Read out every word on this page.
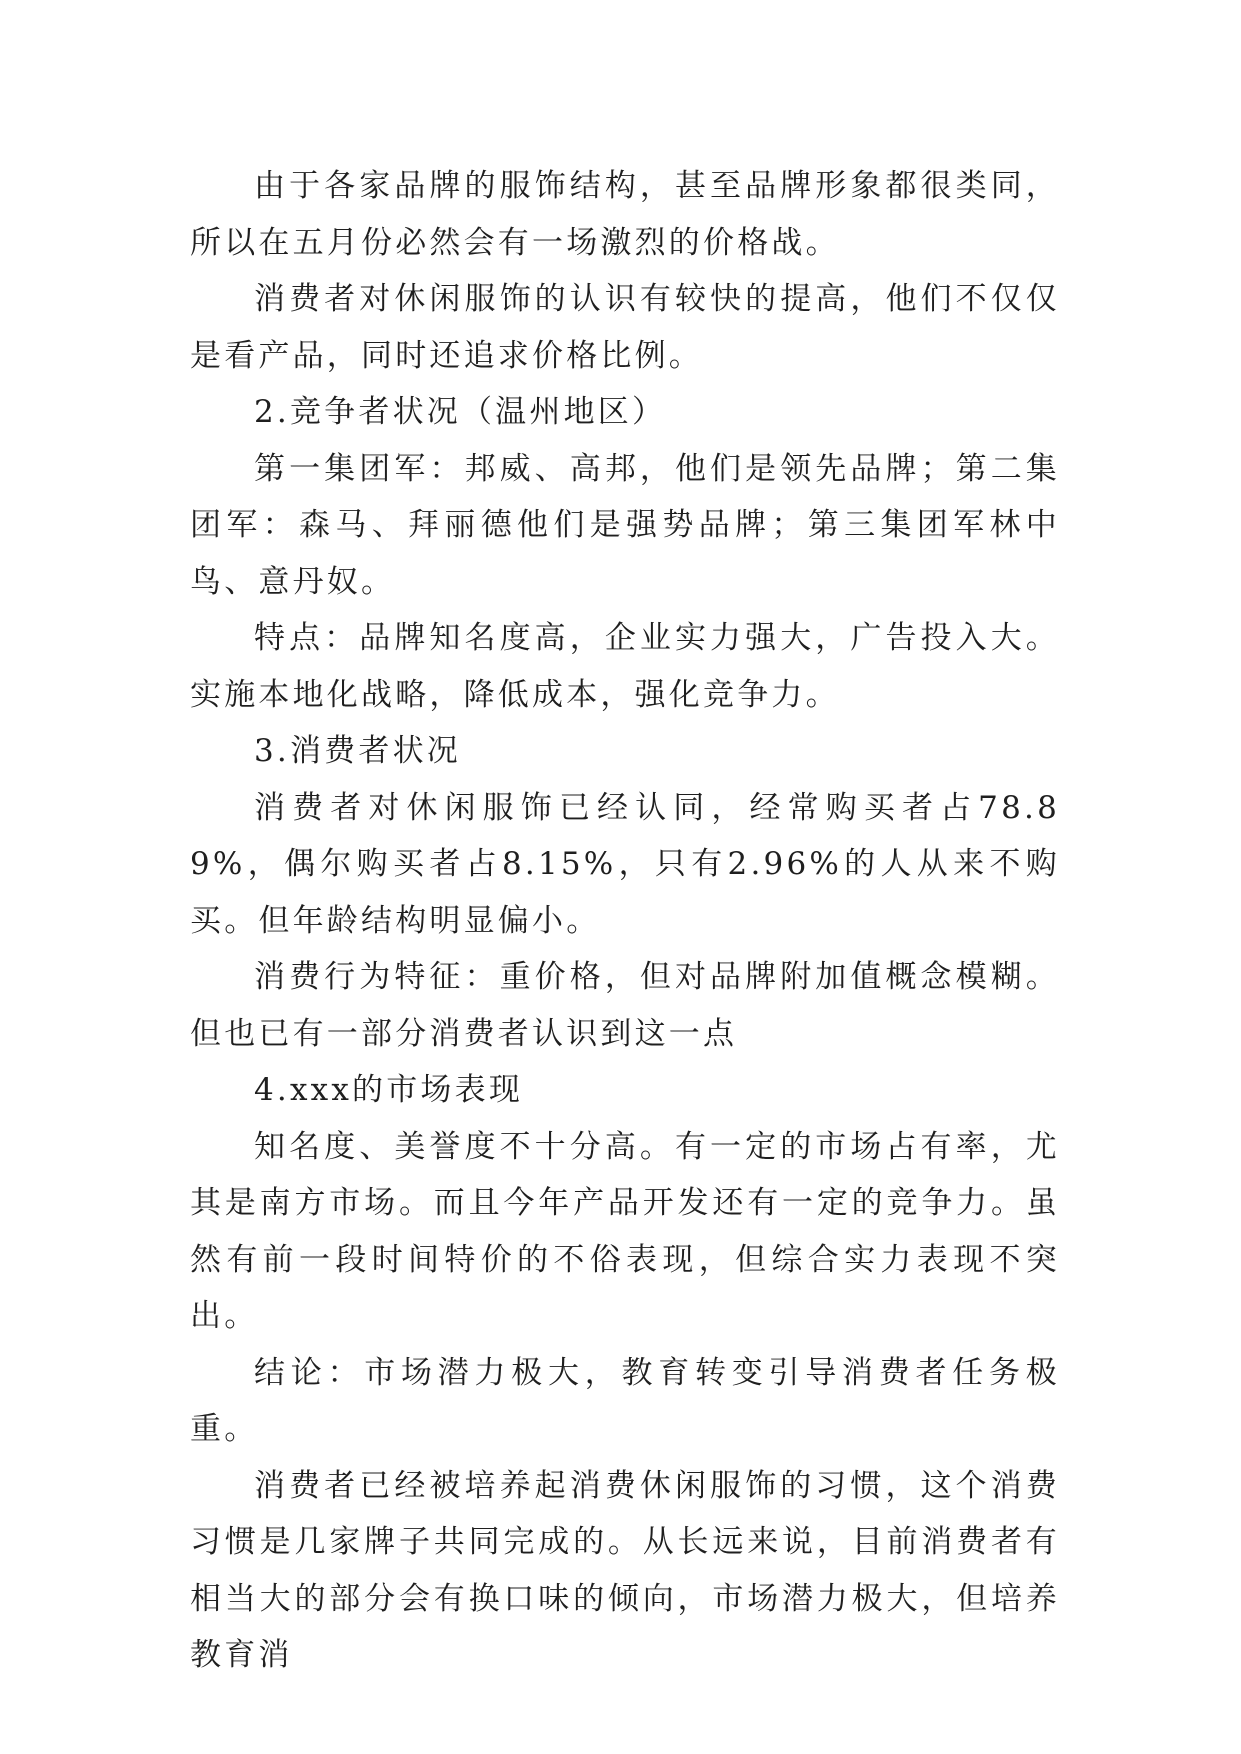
由于各家品牌的服饰结构，甚至品牌形象都很类同，所以在五月份必然会有一场激烈的价格战。

消费者对休闲服饰的认识有较快的提高，他们不仅仅是看产品，同时还追求价格比例。

2.竞争者状况（温州地区）

第一集团军：邦威、高邦，他们是领先品牌；第二集团军：森马、拜丽德他们是强势品牌；第三集团军林中鸟、意丹奴。

特点：品牌知名度高，企业实力强大，广告投入大。实施本地化战略，降低成本，强化竞争力。

3.消费者状况

消费者对休闲服饰已经认同，经常购买者占78.89%，偶尔购买者占8.15%，只有2.96%的人从来不购买。但年龄结构明显偏小。

消费行为特征：重价格，但对品牌附加值概念模糊。但也已有一部分消费者认识到这一点

4.xxx的市场表现

知名度、美誉度不十分高。有一定的市场占有率，尤其是南方市场。而且今年产品开发还有一定的竞争力。虽然有前一段时间特价的不俗表现，但综合实力表现不突出。

结论：市场潜力极大，教育转变引导消费者任务极重。

消费者已经被培养起消费休闲服饰的习惯，这个消费习惯是几家牌子共同完成的。从长远来说，目前消费者有相当大的部分会有换口味的倾向，市场潜力极大，但培养教育消
